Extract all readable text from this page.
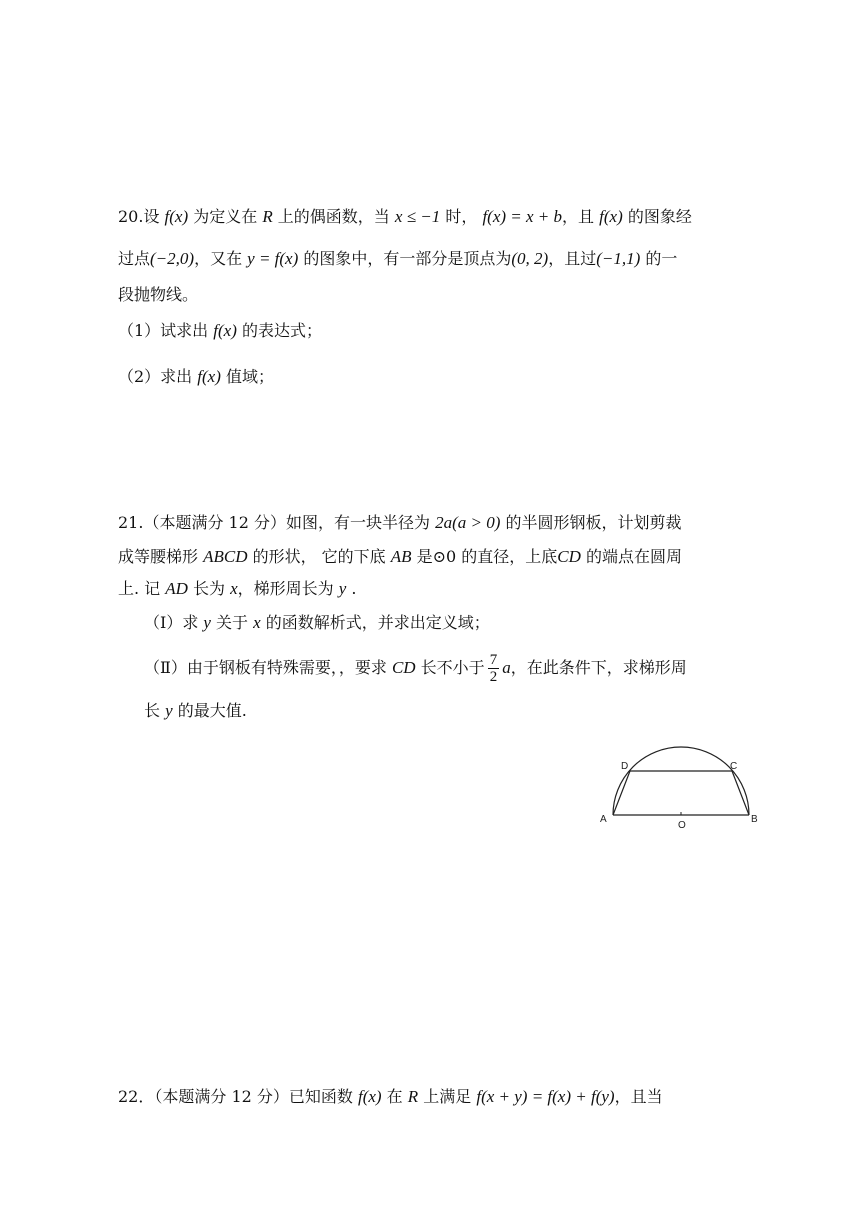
20.设 f(x) 为定义在 R 上的偶函数，当 x ≤ −1 时， f(x) = x + b，且 f(x) 的图象经
过点(−2,0)，又在 y = f(x) 的图象中，有一部分是顶点为(0, 2)，且过(−1,1) 的一
段抛物线。
（1）试求出 f(x) 的表达式；
（2）求出 f(x) 值域；
21.（本题满分 12 分）如图，有一块半径为 2a(a > 0) 的半圆形钢板，计划剪裁
成等腰梯形 ABCD 的形状， 它的下底 AB 是⊙0 的直径，上底CD 的端点在圆周
上. 记 AD 长为 x，梯形周长为 y .
（Ⅰ）求 y 关于 x 的函数解析式，并求出定义域；
（Ⅱ）由于钢板有特殊需要，，要求 CD 长不小于 $\frac{7}{2}$ a，在此条件下，求梯形周
长 y 的最大值.
A	B
C
D
O
22．（本题满分 12 分）已知函数 f(x) 在 R 上满足 f(x + y) = f(x) + f(y)，且当
